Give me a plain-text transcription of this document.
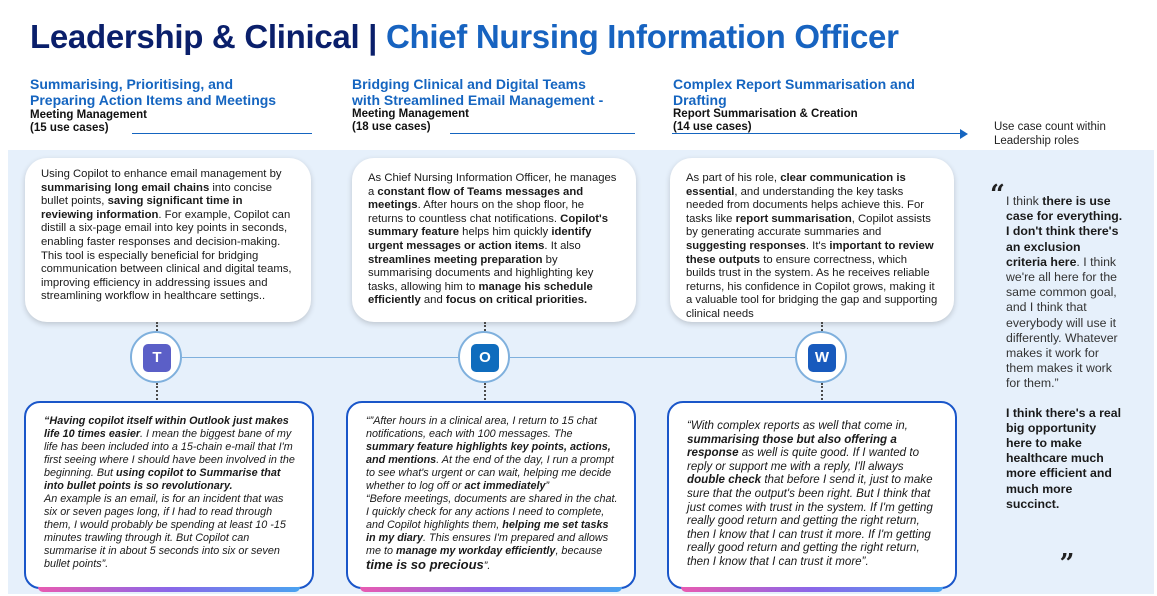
Leadership & Clinical | Chief Nursing Information Officer
Summarising, Prioritising, and
Preparing Action Items and Meetings
Meeting Management
(15 use cases)
Bridging Clinical and Digital Teams
with Streamlined Email Management -
Meeting Management
(18 use cases)
Complex Report Summarisation and
Drafting
Report Summarisation & Creation
(14 use cases)	Use case count within Leadership roles
Using Copilot to enhance email management by summarising long email chains into concise bullet points, saving significant time in reviewing information. For example, Copilot can distill a six-page email into key points in seconds, enabling faster responses and decision-making. This tool is especially beneficial for bridging communication between clinical and digital teams, improving efficiency in addressing issues and streamlining workflow in healthcare settings..
As Chief Nursing Information Officer, he manages a constant flow of Teams messages and meetings. After hours on the shop floor, he returns to countless chat notifications. Copilot's summary feature helps him quickly identify urgent messages or action items. It also streamlines meeting preparation by summarising documents and highlighting key tasks, allowing him to manage his schedule efficiently and focus on critical priorities.
As part of his role, clear communication is essential, and understanding the key tasks needed from documents helps achieve this. For tasks like report summarisation, Copilot assists by generating accurate summaries and suggesting responses. It's important to review these outputs to ensure correctness, which builds trust in the system. As he receives reliable returns, his confidence in Copilot grows, making it a valuable tool for bridging the gap and supporting clinical needs
T	O	W
“Having copilot itself within Outlook just makes life 10 times easier. I mean the biggest bane of my life has been included into a 15-chain e-mail that I'm first seeing where I should have been involved in the beginning. But using copilot to Summarise that into bullet points is so revolutionary.
An example is an email, is for an incident that was six or seven pages long, if I had to read through them, I would probably be spending at least 10 -15 minutes trawling through it. But Copilot can summarise it in about 5 seconds into six or seven bullet points”.
“”After hours in a clinical area, I return to 15 chat notifications, each with 100 messages. The summary feature highlights key points, actions, and mentions. At the end of the day, I run a prompt to see what's urgent or can wait, helping me decide whether to log off or act immediately”
“Before meetings, documents are shared in the chat. I quickly check for any actions I need to complete, and Copilot highlights them, helping me set tasks in my diary. This ensures I'm prepared and allows me to manage my workday efficiently, because time is so precious”.
“With complex reports as well that come in, summarising those but also offering a response as well is quite good. If I wanted to reply or support me with a reply, I'll always double check that before I send it, just to make sure that the output's been right. But I think that just comes with trust in the system. If I'm getting really good return and getting the right return, then I know that I can trust it more. If I'm getting really good return and getting the right return, then I know that I can trust it more”.
“ I think there is use case for everything. I don't think there's an exclusion criteria here. I think we're all here for the same common goal, and I think that everybody will use it differently. Whatever makes it work for them makes it work for them.”
I think there's a real big opportunity here to make healthcare much more efficient and much more succinct.
„
